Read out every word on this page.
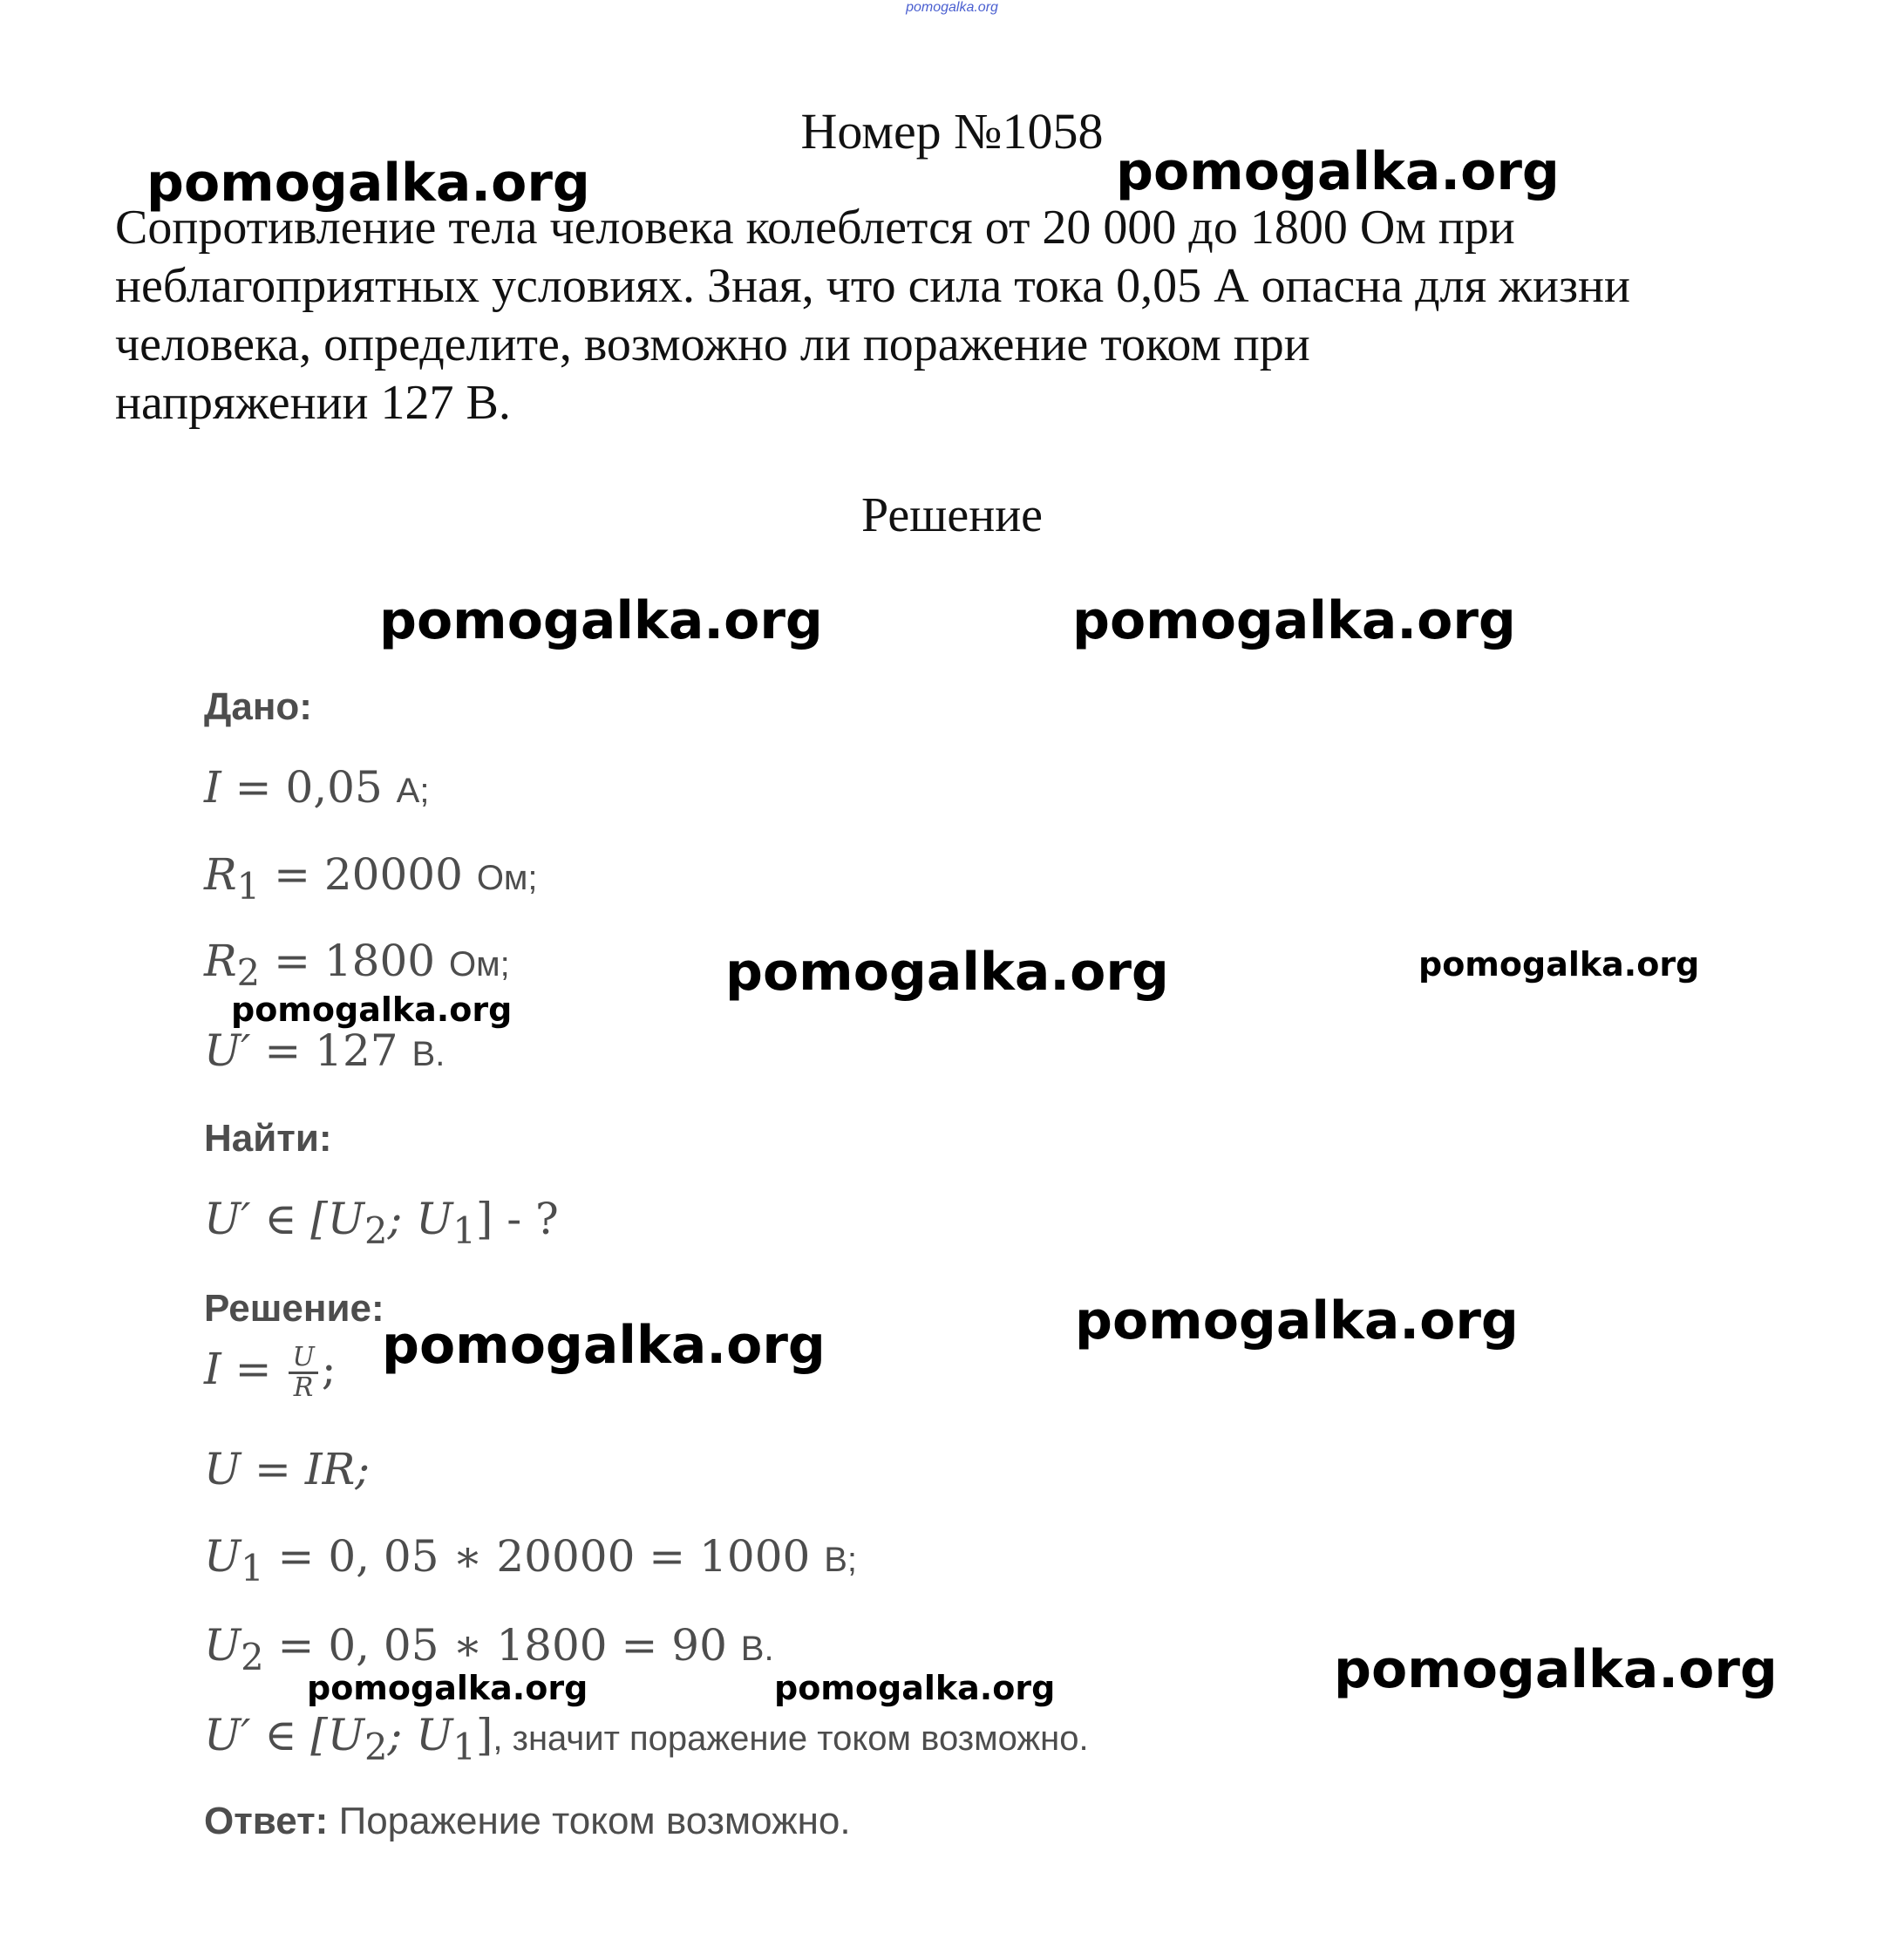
pomogalka.org
Номер №1058
Сопротивление тела человека колеблется от 20 000 до 1800 Ом при
неблагоприятных условиях. Зная, что сила тока 0,05 А опасна для жизни
человека, определите, возможно ли поражение током при
напряжении 127 В.
Решение
Дано:
I = 0,05 А;
$R_1 = 20000$ Ом;
$R_2 = 1800$ Ом;
U′ = 127 В.
Найти:
U′ ∈ [$U_2$; $U_1$] - ?
Решение:
$I = \frac{U}{R}$ ;
U = IR;
$U_1 = 0$, 05 ∗ 20000 = 1000 В;
$U_2 = 0$, 05 ∗ 1800 = 90 В.
U′ ∈ [$U_2$; $U_1$], значит поражение током возможно.
Ответ: Поражение током возможно.
pomogalka.org	pomogalka.org
pomogalka.org	pomogalka.org
pomogalka.org	pomogalka.org
pomogalka.org
pomogalka.org	pomogalka.org
pomogalka.org	pomogalka.org	pomogalka.org
